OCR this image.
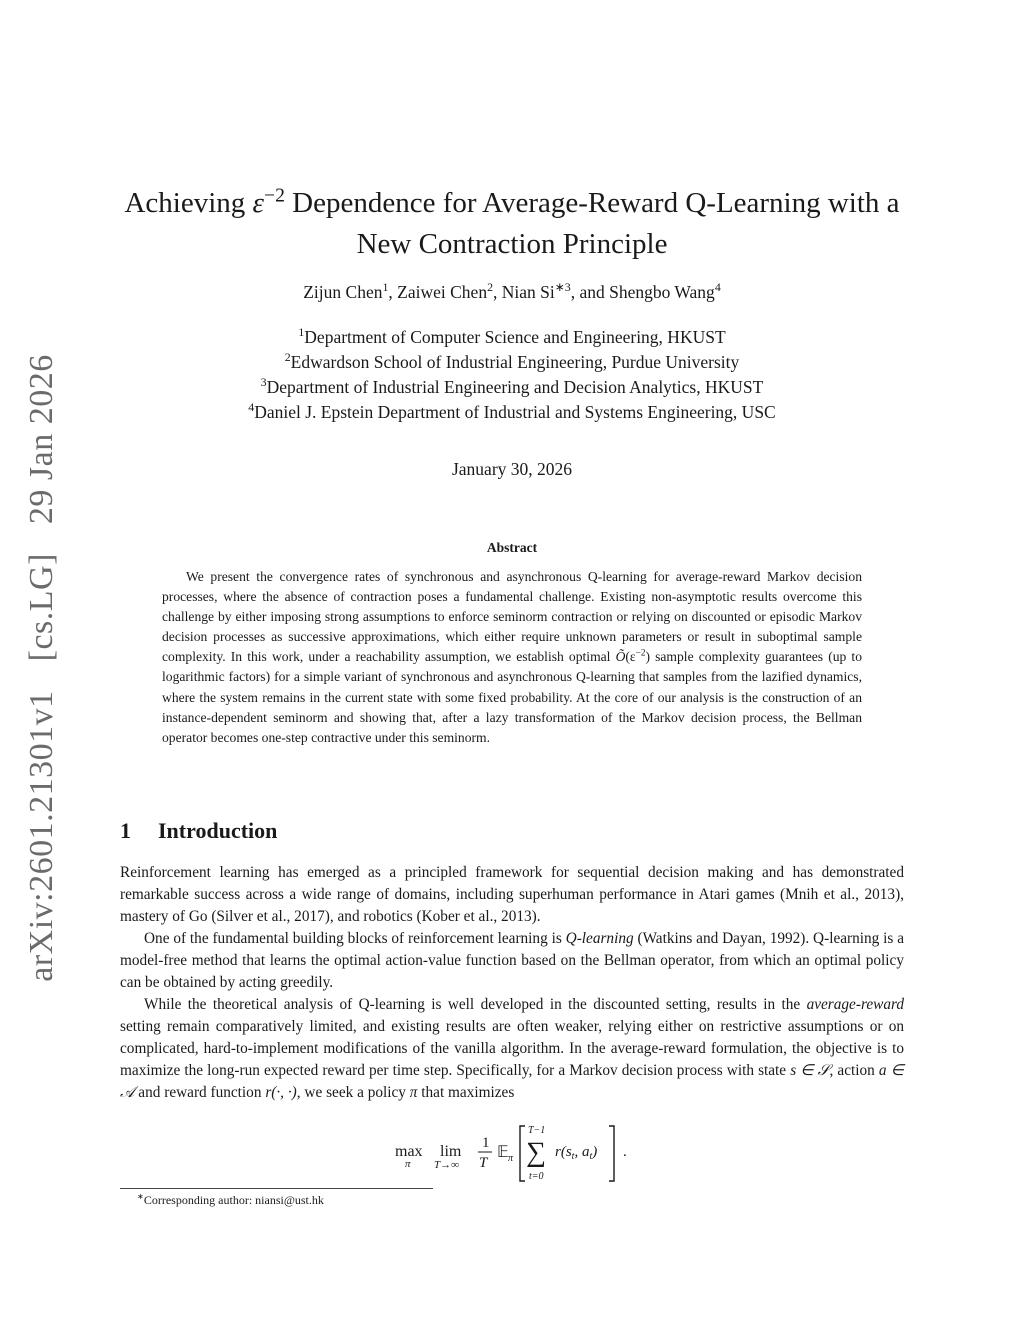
arXiv:2601.21301v1 [cs.LG] 29 Jan 2026
Achieving $\varepsilon^{-2}$ Dependence for Average-Reward Q-Learning with a
New Contraction Principle
Zijun Chen$^1$, Zaiwei Chen$^2$, Nian $Si^{∗3}$, and Shengbo Wang$^4$
$^1$Department of Computer Science and Engineering, HKUST
$^2$Edwardson School of Industrial Engineering, Purdue University
$^3$Department of Industrial Engineering and Decision Analytics, HKUST
$^4$Daniel J. Epstein Department of Industrial and Systems Engineering, USC
January 30, 2026
Abstract
We present the convergence rates of synchronous and asynchronous Q-learning for average-reward Markov decision processes, where the absence of contraction poses a fundamental challenge. Existing non-asymptotic results overcome this challenge by either imposing strong assumptions to enforce seminorm contraction or relying on discounted or episodic Markov decision processes as successive approximations, which either require unknown parameters or result in suboptimal sample complexity. In this work, under a reachability assumption, we establish optimal $Õ(\varepsilon^{-2})$ sample complexity guarantees (up to logarithmic factors) for a simple variant of synchronous and asynchronous Q-learning that samples from the lazified dynamics, where the system remains in the current state with some fixed probability. At the core of our analysis is the construction of an instance-dependent seminorm and showing that, after a lazy transformation of the Markov decision process, the Bellman operator becomes one-step contractive under this seminorm.
1 Introduction

Reinforcement learning has emerged as a principled framework for sequential decision making and has demonstrated remarkable success across a wide range of domains, including superhuman performance in Atari games (Mnih et al., 2013), mastery of Go (Silver et al., 2017), and robotics (Kober et al., 2013).

One of the fundamental building blocks of reinforcement learning is Q-learning (Watkins and Dayan, 1992). Q-learning is a model-free method that learns the optimal action-value function based on the Bellman operator, from which an optimal policy can be obtained by acting greedily.

While the theoretical analysis of Q-learning is well developed in the discounted setting, results in the average-reward setting remain comparatively limited, and existing results are often weaker, relying either on restrictive assumptions or on complicated, hard-to-implement modifications of the vanilla algorithm. In the average-reward formulation, the objective is to maximize the long-run expected reward per time step. Specifically, for a Markov decision process with state s ∈ 𝒮, action a ∈ 𝒜 and reward function r(·, ·), we seek a policy π that maximizes

max
π
lim
T→∞
1
T
𝔼 π
T−1
∑
t=0
$r(s_t$, $a_t$) .
∗Corresponding author: niansi@ust.hk
